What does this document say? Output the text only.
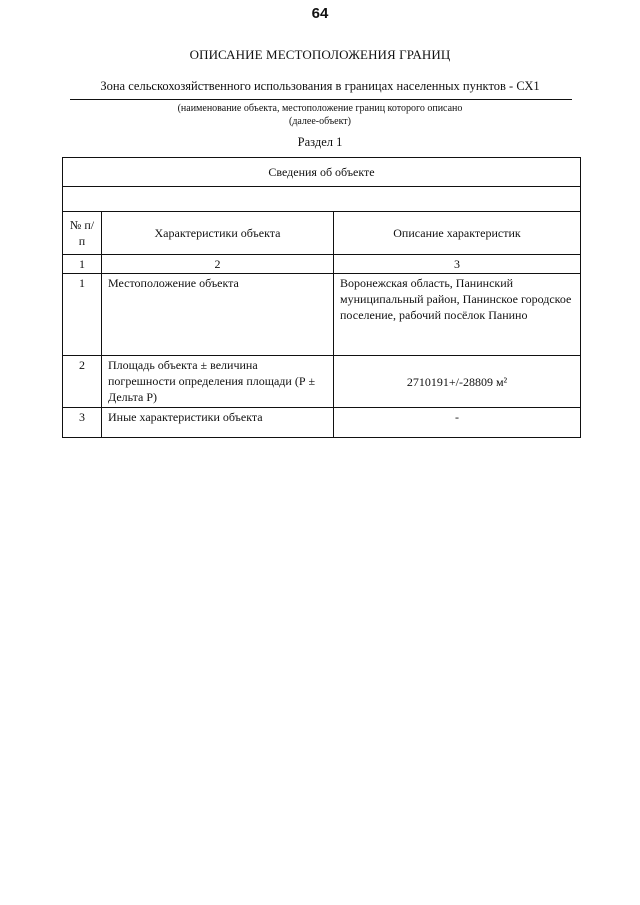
64
ОПИСАНИЕ МЕСТОПОЛОЖЕНИЯ ГРАНИЦ
Зона сельскохозяйственного использования в границах населенных пунктов - СХ1
(наименование объекта, местоположение границ которого описано
(далее-объект)
Раздел 1
Сведения об объекте		

№ п/п	Характеристики объекта	Описание характеристик
1	2	3
1	Местоположение объекта	Воронежская область, Панинский муниципальный район, Панинское городское поселение, рабочий посёлок Панино
2	Площадь объекта ± величина погрешности определения площади (Р ± Дельта Р)	2710191+/-28809 м²
3	Иные характеристики объекта	-
